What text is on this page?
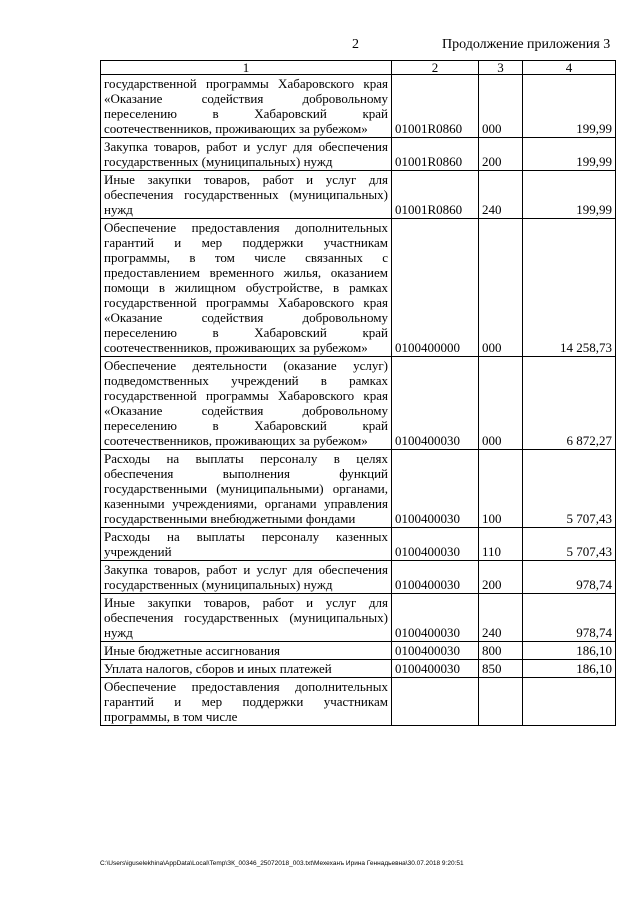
2	Продолжение приложения 3
1	2	3	4
государственной программы Хабаровского края «Оказание содействия добровольному переселению в Хабаровский край соотечественников, проживающих за рубежом»	01001R0860	000	199,99
Закупка товаров, работ и услуг для обеспечения государственных (муниципальных) нужд	01001R0860	200	199,99
Иные закупки товаров, работ и услуг для обеспечения государственных (муниципальных) нужд	01001R0860	240	199,99
Обеспечение предоставления дополнительных гарантий и мер поддержки участникам программы, в том числе связанных с предоставлением временного жилья, оказанием помощи в жилищном обустройстве, в рамках государственной программы Хабаровского края «Оказание содействия добровольному переселению в Хабаровский край соотечественников, проживающих за рубежом»	0100400000	000	14 258,73
Обеспечение деятельности (оказание услуг) подведомственных учреждений в рамках государственной программы Хабаровского края «Оказание содействия добровольному переселению в Хабаровский край соотечественников, проживающих за рубежом»	0100400030	000	6 872,27
Расходы на выплаты персоналу в целях обеспечения выполнения функций государственными (муниципальными) органами, казенными учреждениями, органами управления государственными внебюджетными фондами	0100400030	100	5 707,43
Расходы на выплаты персоналу казенных учреждений	0100400030	110	5 707,43
Закупка товаров, работ и услуг для обеспечения государственных (муниципальных) нужд	0100400030	200	978,74
Иные закупки товаров, работ и услуг для обеспечения государственных (муниципальных) нужд	0100400030	240	978,74
Иные бюджетные ассигнования	0100400030	800	186,10
Уплата налогов, сборов и иных платежей	0100400030	850	186,10
Обеспечение предоставления дополнительных гарантий и мер поддержки участникам программы, в том числе			
C:\Users\iguselekhina\AppData\Local\Temp\ЗК_00346_25072018_003.txt\Мехеханъ Ирина Геннадьевна\30.07.2018 9:20:51
